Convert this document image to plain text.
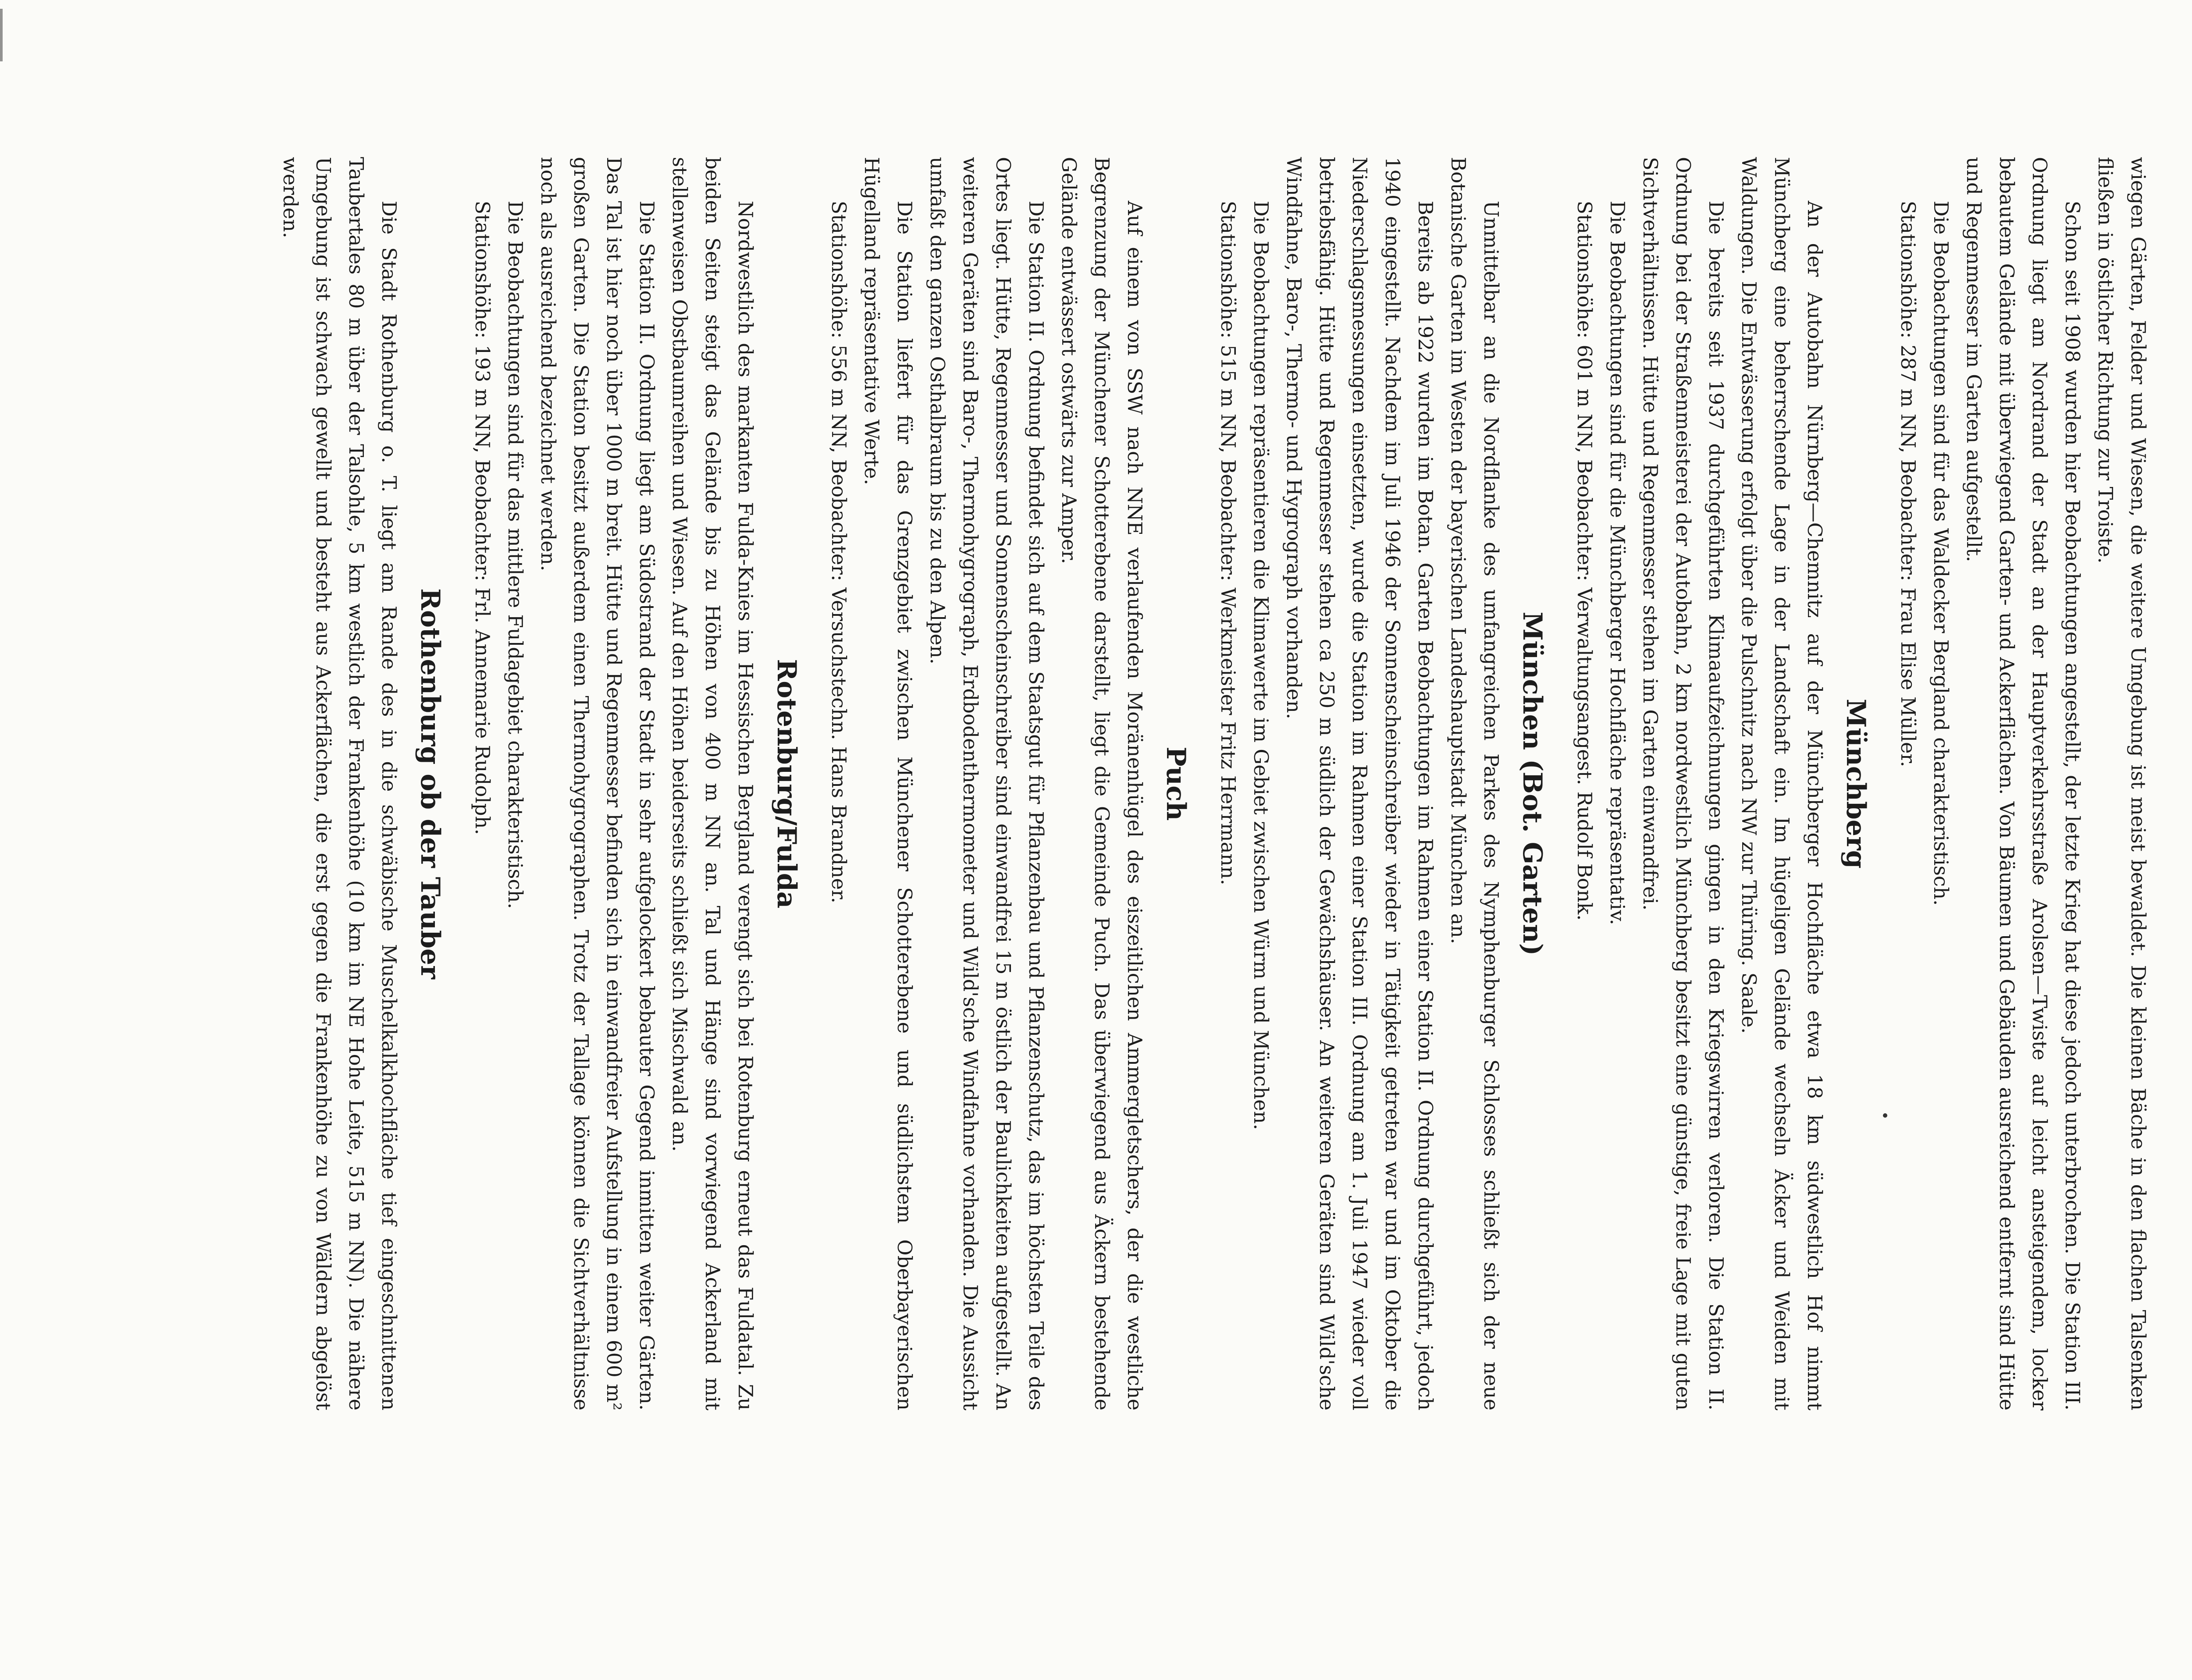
wiegen Gärten, Felder und Wiesen, die weitere Umgebung ist meist bewaldet. Die kleinen Bäche in den flachen Talsenken fließen in östlicher Richtung zur Troiste.

Schon seit 1908 wurden hier Beobachtungen angestellt, der letzte Krieg hat diese jedoch unterbrochen. Die Station III. Ordnung liegt am Nordrand der Stadt an der Hauptverkehrsstraße Arolsen—Twiste auf leicht ansteigendem, locker bebautem Gelände mit überwiegend Garten- und Ackerflächen. Von Bäumen und Gebäuden ausreichend entfernt sind Hütte und Regenmesser im Garten aufgestellt.

Die Beobachtungen sind für das Waldecker Bergland charakteristisch.

Stationshöhe: 287 m NN, Beobachter: Frau Elise Müller.

Münchberg

An der Autobahn Nürnberg—Chemnitz auf der Münchberger Hochfläche etwa 18 km südwestlich Hof nimmt Münchberg eine beherrschende Lage in der Landschaft ein. Im hügeligen Gelände wechseln Äcker und Weiden mit Waldungen. Die Entwässerung erfolgt über die Pulschnitz nach NW zur Thüring. Saale.

Die bereits seit 1937 durchgeführten Klimaaufzeichnungen gingen in den Kriegswirren verloren. Die Station II. Ordnung bei der Straßenmeisterei der Autobahn, 2 km nordwestlich Münchberg besitzt eine günstige, freie Lage mit guten Sichtverhältnissen. Hütte und Regenmesser stehen im Garten einwandfrei.

Die Beobachtungen sind für die Münchberger Hochfläche repräsentativ.

Stationshöhe: 601 m NN, Beobachter: Verwaltungsangest. Rudolf Bonk.

München (Bot. Garten)

Unmittelbar an die Nordflanke des umfangreichen Parkes des Nymphenburger Schlosses schließt sich der neue Botanische Garten im Westen der bayerischen Landeshauptstadt München an.

Bereits ab 1922 wurden im Botan. Garten Beobachtungen im Rahmen einer Station II. Ordnung durchgeführt, jedoch 1940 eingestellt. Nachdem im Juli 1946 der Sonnenscheinschreiber wieder in Tätigkeit getreten war und im Oktober die Niederschlagsmessungen einsetzten, wurde die Station im Rahmen einer Station III. Ordnung am 1. Juli 1947 wieder voll betriebsfähig. Hütte und Regenmesser stehen ca 250 m südlich der Gewächshäuser. An weiteren Geräten sind Wild'sche Windfahne, Baro-, Thermo- und Hygrograph vorhanden.

Die Beobachtungen repräsentieren die Klimawerte im Gebiet zwischen Würm und München.

Stationshöhe: 515 m NN, Beobachter: Werkmeister Fritz Herrmann.

Puch

Auf einem von SSW nach NNE verlaufenden Moränenhügel des eiszeitlichen Ammergletschers, der die westliche Begrenzung der Münchener Schotterebene darstellt, liegt die Gemeinde Puch. Das überwiegend aus Äckern bestehende Gelände entwässert ostwärts zur Amper.

Die Station II. Ordnung befindet sich auf dem Staatsgut für Pflanzenbau und Pflanzenschutz, das im höchsten Teile des Ortes liegt. Hütte, Regenmesser und Sonnenscheinschreiber sind einwandfrei 15 m östlich der Baulichkeiten aufgestellt. An weiteren Geräten sind Baro-, Thermohygrograph, Erdbodenthermometer und Wild'sche Windfahne vorhanden. Die Aussicht umfaßt den ganzen Osthalbraum bis zu den Alpen.

Die Station liefert für das Grenzgebiet zwischen Münchener Schotterebene und südlichstem Oberbayerischen Hügelland repräsentative Werte.

Stationshöhe: 556 m NN, Beobachter: Versuchstechn. Hans Brandner.

Rotenburg/Fulda

Nordwestlich des markanten Fulda-Knies im Hessischen Bergland verengt sich bei Rotenburg erneut das Fuldatal. Zu beiden Seiten steigt das Gelände bis zu Höhen von 400 m NN an. Tal und Hänge sind vorwiegend Ackerland mit stellenweisen Obstbaumreihen und Wiesen. Auf den Höhen beiderseits schließt sich Mischwald an.

Die Station II. Ordnung liegt am Südostrand der Stadt in sehr aufgelockert bebauter Gegend inmitten weiter Gärten. Das Tal ist hier noch über 1000 m breit. Hütte und Regenmesser befinden sich in einwandfreier Aufstellung in einem 600 m² großen Garten. Die Station besitzt außerdem einen Thermohygrographen. Trotz der Tallage können die Sichtverhältnisse noch als ausreichend bezeichnet werden.

Die Beobachtungen sind für das mittlere Fuldagebiet charakteristisch.

Stationshöhe: 193 m NN, Beobachter: Frl. Annemarie Rudolph.

Rothenburg ob der Tauber

Die Stadt Rothenburg o. T. liegt am Rande des in die schwäbische Muschelkalkhochfläche tief eingeschnittenen Taubertales 80 m über der Talsohle, 5 km westlich der Frankenhöhe (10 km im NE Hohe Leite, 515 m NN). Die nähere Umgebung ist schwach gewellt und besteht aus Ackerflächen, die erst gegen die Frankenhöhe zu von Wäldern abgelöst werden.
